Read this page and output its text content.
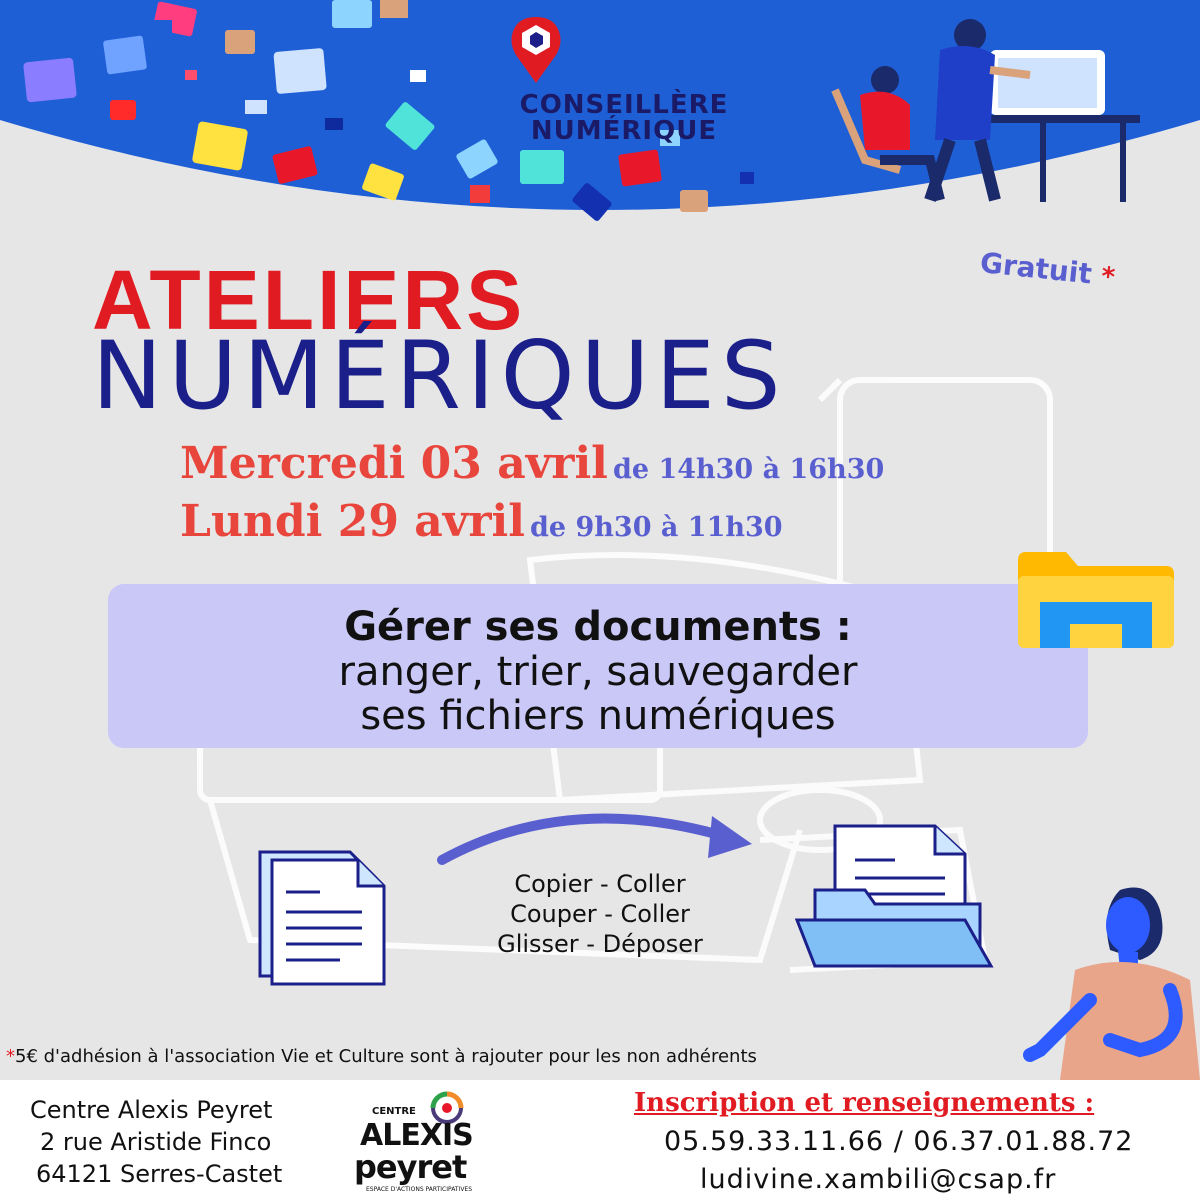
CONSEILLÈRE
NUMÉRIQUE
ATELIERS
NUMÉRIQUES
Gratuit *
Mercredi 03 avril de 14h30 à 16h30
Lundi 29 avril de 9h30 à 11h30
Gérer ses documents :
ranger, trier, sauvegarder
ses fichiers numériques
Copier - Coller
Couper - Coller
Glisser - Déposer
*5€ d'adhésion à l'association Vie et Culture sont à rajouter pour les non adhérents
Centre Alexis Peyret
2 rue Aristide Finco
64121 Serres-Castet
CENTRE
ALEXIS
peyret
ESPACE D'ACTIONS PARTICIPATIVES
Inscription et renseignements :
05.59.33.11.66 / 06.37.01.88.72
ludivine.xambili@csap.fr
